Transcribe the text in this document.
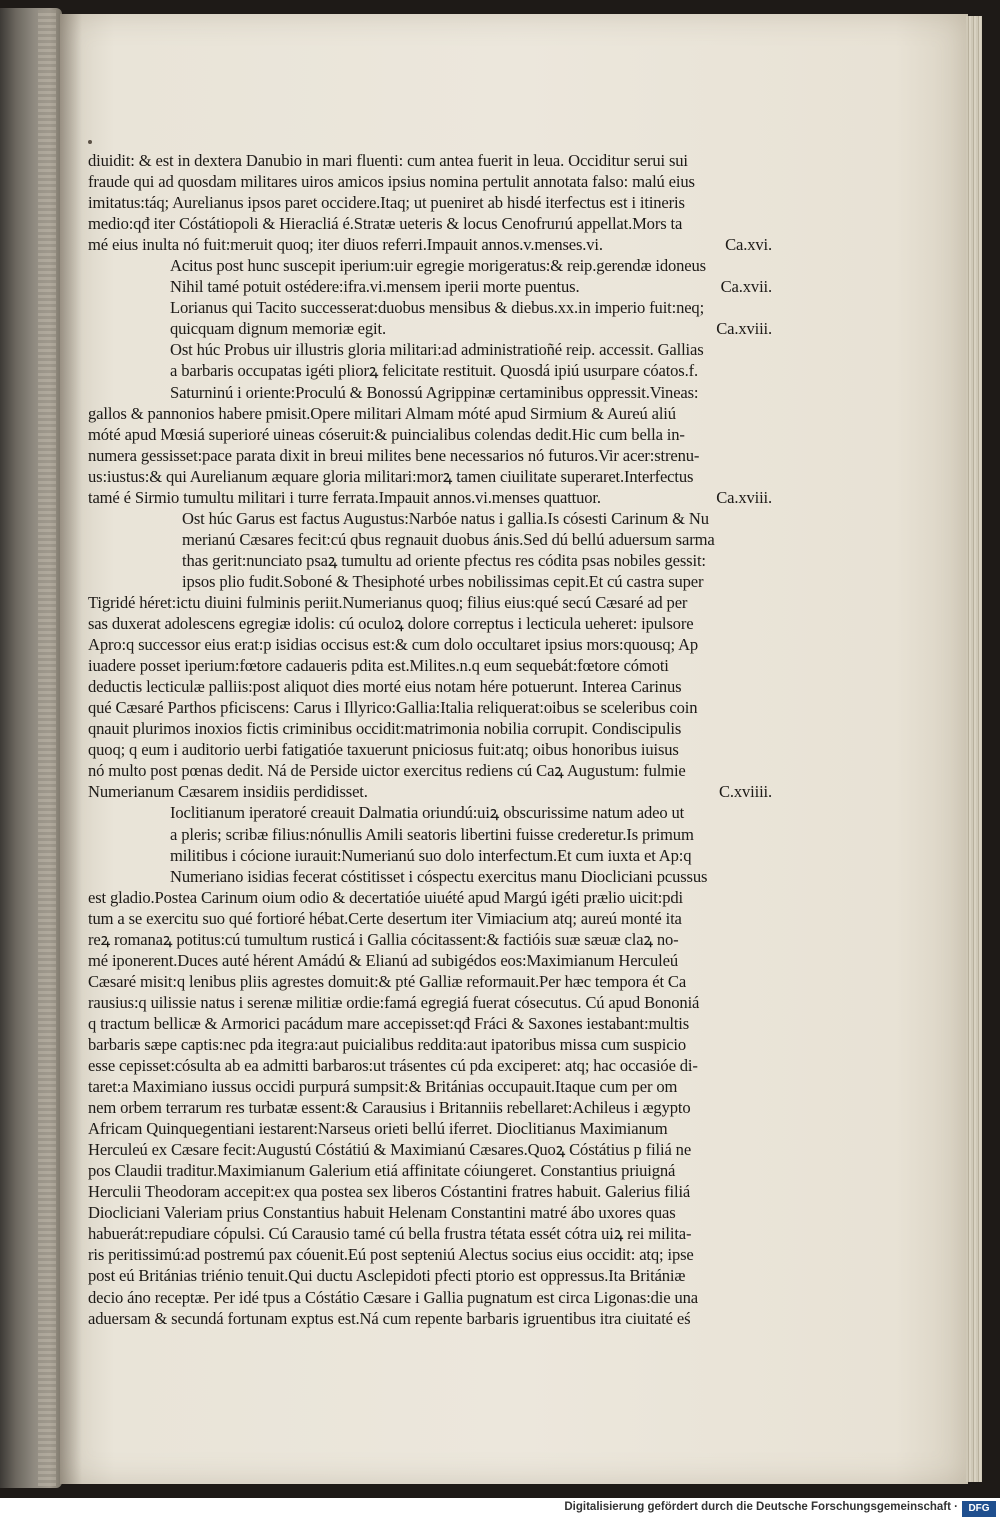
diuidit: & est in dextera Danubio in mari fluenti: cum antea fuerit in leua. Occiditur serui sui
fraude qui ad quosdam militares uiros amicos ipsius nomina pertulit annotata falso: malú eius
imitatus:táq; Aurelianus ipsos paret occidere.Itaq; ut pueniret ab hisdé iterfectus est i itineris
medio:qđ iter Cóstátiopoli & Hieracliá é.Stratæ ueteris & locus Cenofrurıú appellat.Mors ta
Ca.xvi.
mé eius inulta nó fuit:meruit quoq; iter diuos referri.Impauit annos.v.menses.vi.
Acitus post hunc suscepit iperium:uir egregie morigeratus:& reip.gerendæ idoneus
Ca.xvii.
Nihil tamé potuit ostédere:ifra.vi.mensem iperii morte puentus.
Lorianus qui Tacito successerat:duobus mensibus & diebus.xx.in imperio fuit:neq;
Ca.xviii.
quicquam dignum memoriæ egit.
Ost húc Probus uir illustris gloria militari:ad administratioñé reip. accessit. Gallias
a barbaris occupatas igéti pliorꝝ felicitate restituit. Quosdá ipiú usurpare cóatos.f.
Saturninú i oriente:Proculú & Bonossú Agrippinæ certaminibus oppressit.Vineas:
gallos & pannonios habere pmisit.Opere militari Almam móté apud Sirmium & Aureú aliú
móté apud Mœsiá superioré uineas cóseruit:& puincialibus colendas dedit.Hic cum bella in-
numera gessisset:pace parata dixit in breui milites bene necessarios nó futuros.Vir acer:strenu-
us:iustus:& qui Aurelianum æquare gloria militari:morꝝ tamen ciuilitate superaret.Interfectus
Ca.xviii.
tamé é Sirmio tumultu militari i turre ferrata.Impauit annos.vi.menses quattuor.
Ost húc Garus est factus Augustus:Narbóe natus i gallia.Is cósesti Carinum & Nu
merianú Cæsares fecit:cú qbus regnauit duobus ánis.Sed dú bellú aduersum sarma
thas gerit:nunciato psaꝝ tumultu ad oriente pfectus res códita psas nobiles gessit:
ipsos plio fudit.Soboné & Thesiphoté urbes nobilissimas cepit.Et cú castra super
Tigridé héret:ictu diuini fulminis periit.Numerianus quoq; filius eius:qué secú Cæsaré ad per
sas duxerat adolescens egregiæ idolis: cú oculoꝝ dolore correptus i lecticula ueheret: ipulsore
Apro:q successor eius erat:p isidias occisus est:& cum dolo occultaret ipsius mors:quousq; Ap
iuadere posset iperium:fœtore cadaueris pdita est.Milites.n.q eum sequebát:fœtore cómoti
deductis lecticulæ palliis:post aliquot dies morté eius notam hére potuerunt. Interea Carinus
qué Cæsaré Parthos pficiscens: Carus i Illyrico:Gallia:Italia reliquerat:oibus se sceleribus coin
qnauit plurimos inoxios fictis criminibus occidit:matrimonia nobilia corrupit. Condiscipulis
quoq; q eum i auditorio uerbi fatigatióe taxuerunt pniciosus fuit:atq; oibus honoribus iuisus
nó multo post pœnas dedit. Ná de Perside uictor exercitus rediens cú Caꝝ Augustum: fulmie
C.xviiii.
Numerianum Cæsarem insidiis perdidisset.
Ioclitianum iperatoré creauit Dalmatia oriundú:uiꝝ obscurissime natum adeo ut
a pleris; scribæ filius:nónullis Amili seatoris libertini fuisse crederetur.Is primum
militibus i cócione iurauit:Numerianú suo dolo interfectum.Et cum iuxta et Ap:q
Numeriano isidias fecerat cóstitisset i cóspectu exercitus manu Diocliciani pcussus
est gladio.Postea Carinum oium odio & decertatióe uiuété apud Margú igéti prælio uicit:pdi
tum a se exercitu suo qué fortioré hébat.Certe desertum iter Vimiacium atq; aureú monté ita
reꝝ romanaꝝ potitus:cú tumultum rusticá i Gallia cócitassent:& factióis suæ sæuæ claꝝ no-
mé iponerent.Duces auté hérent Amádú & Elianú ad subigédos eos:Maximianum Herculeú
Cæsaré misit:q lenibus pliis agrestes domuit:& pté Galliæ reformauit.Per hæc tempora ét Ca
rausius:q uilissie natus i serenæ militiæ ordie:famá egregiá fuerat cósecutus. Cú apud Bononiá
q tractum bellicæ & Armorici pacádum mare accepisset:qđ Fráci & Saxones iestabant:multis
barbaris sæpe captis:nec pda itegra:aut puicialibus reddita:aut ipatoribus missa cum suspicio
esse cepisset:cósulta ab ea admitti barbaros:ut trásentes cú pda exciperet: atq; hac occasióe di-
taret:a Maximiano iussus occidi purpurá sumpsit:& Británias occupauit.Itaque cum per om
nem orbem terrarum res turbatæ essent:& Carausius i Britanniis rebellaret:Achileus i ægypto
Africam Quinquegentiani iestarent:Narseus orieti bellú iferret. Dioclitianus Maximianum
Herculeú ex Cæsare fecit:Augustú Cóstátiú & Maximianú Cæsares.Quoꝝ Cóstátius p filiá ne
pos Claudii traditur.Maximianum Galerium etiá affinitate cóiungeret. Constantius priuigná
Herculii Theodoram accepit:ex qua postea sex liberos Cóstantini fratres habuit. Galerius filiá
Diocliciani Valeriam prius Constantius habuit Helenam Constantini matré ábo uxores quas
habuerát:repudiare cópulsi. Cú Carausio tamé cú bella frustra tétata essét cótra uiꝝ rei milita-
ris peritissimú:ad postremú pax cóuenit.Eú post septeniú Alectus socius eius occidit: atq; ipse
post eú Británias triénio tenuit.Qui ductu Asclepidoti pfecti ptorio est oppressus.Ita Britániæ
decio áno receptæ. Per idé tpus a Cóstátio Cæsare i Gallia pugnatum est circa Ligonas:die una
aduersam & secundá fortunam exptus est.Ná cum repente barbaris igruentibus itra ciuitaté eś
Digitalisierung gefördert durch die Deutsche Forschungsgemeinschaft ·	DFG
